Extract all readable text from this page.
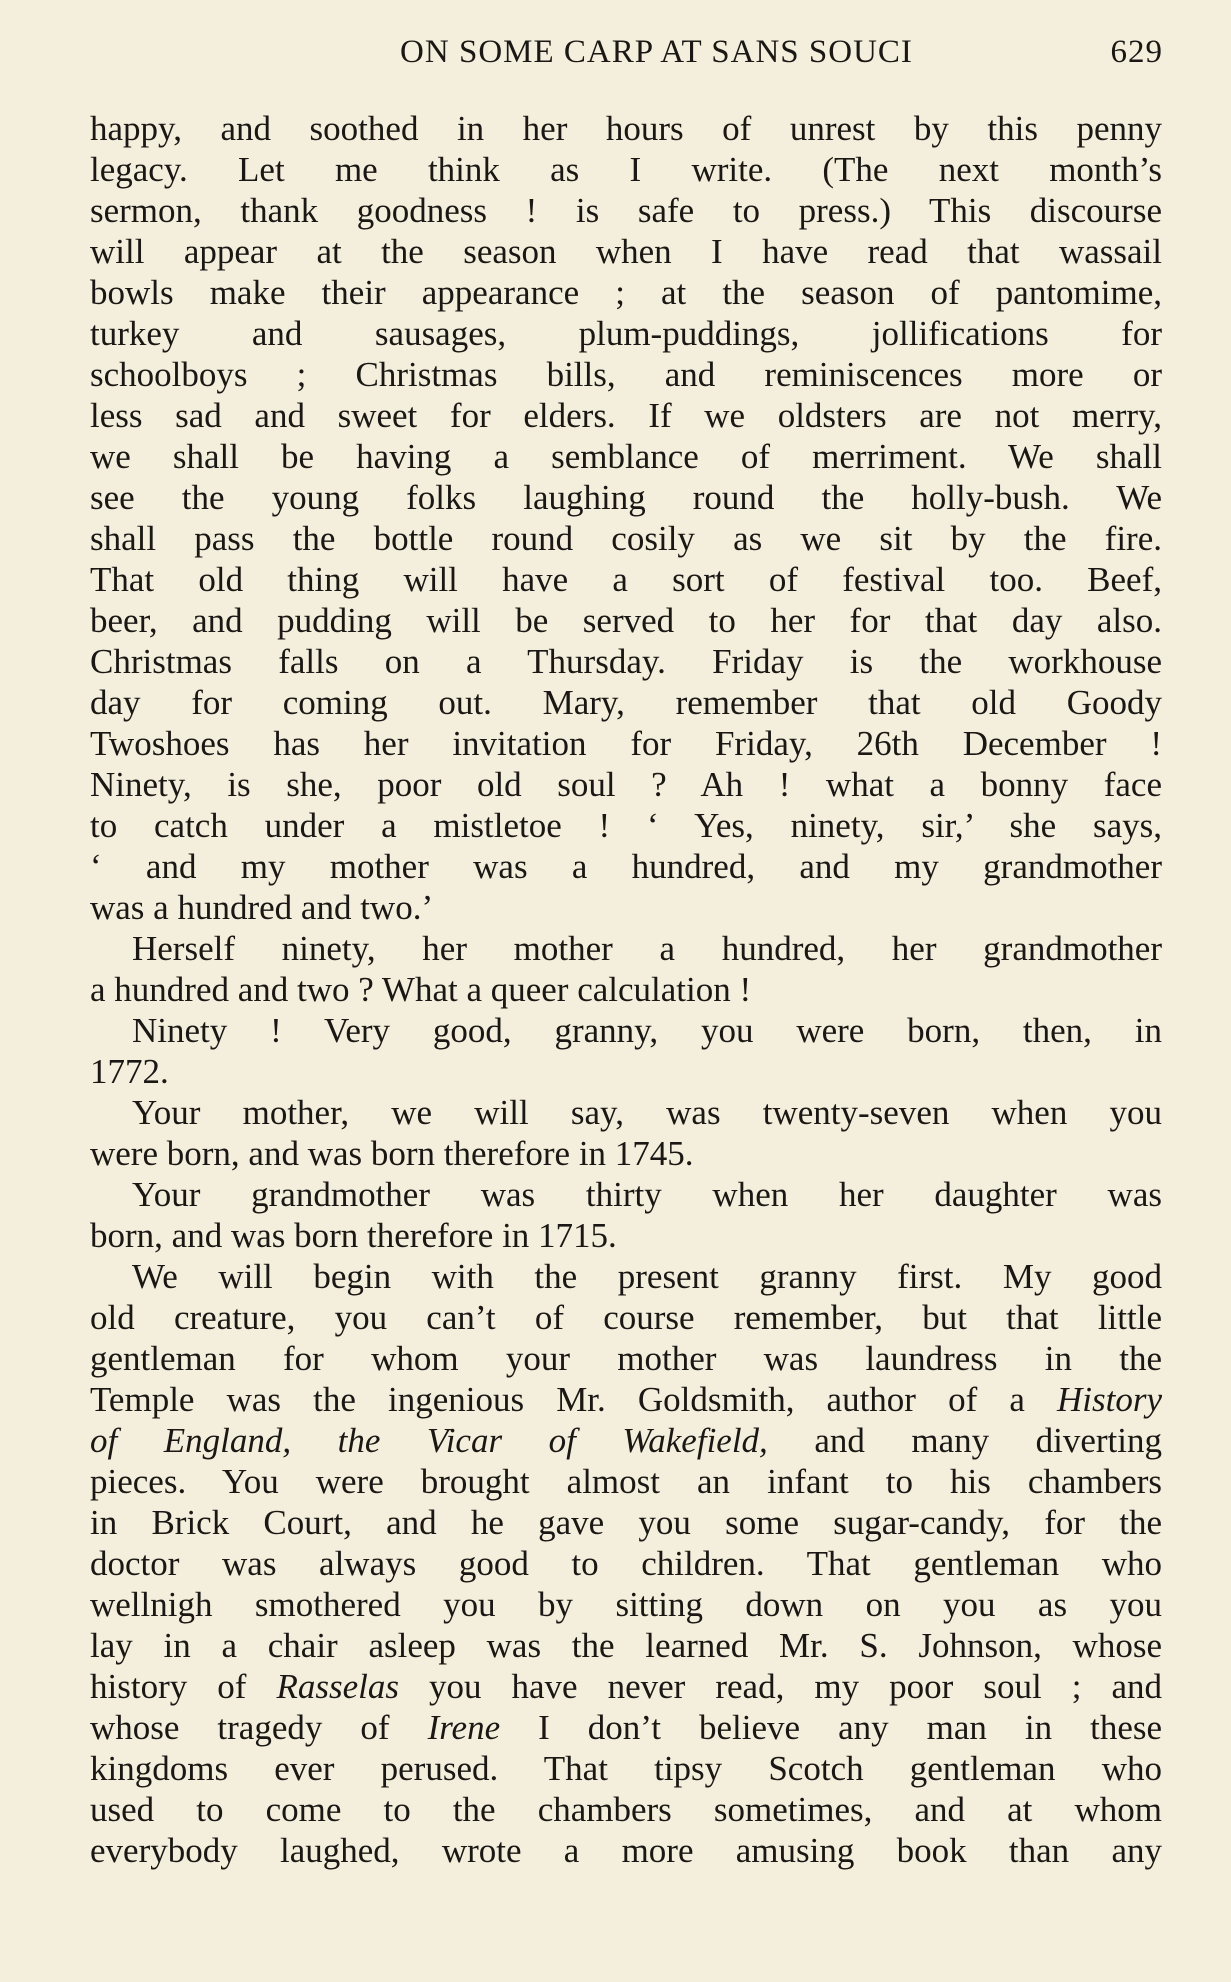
ON SOME CARP AT SANS SOUCI	629
happy, and soothed in her hours of unrest by this penny
legacy. Let me think as I write. (The next month’s
sermon, thank goodness ! is safe to press.) This discourse
will appear at the season when I have read that wassail
bowls make their appearance ; at the season of pantomime,
turkey and sausages, plum-puddings, jollifications for
schoolboys ; Christmas bills, and reminiscences more or
less sad and sweet for elders. If we oldsters are not merry,
we shall be having a semblance of merriment. We shall
see the young folks laughing round the holly-bush. We
shall pass the bottle round cosily as we sit by the fire.
That old thing will have a sort of festival too. Beef,
beer, and pudding will be served to her for that day also.
Christmas falls on a Thursday. Friday is the workhouse
day for coming out. Mary, remember that old Goody
Twoshoes has her invitation for Friday, 26th December !
Ninety, is she, poor old soul ? Ah ! what a bonny face
to catch under a mistletoe ! ‘ Yes, ninety, sir,’ she says,
‘ and my mother was a hundred, and my grandmother
was a hundred and two.’
Herself ninety, her mother a hundred, her grandmother
a hundred and two ? What a queer calculation !
Ninety ! Very good, granny, you were born, then, in
1772.
Your mother, we will say, was twenty-seven when you
were born, and was born therefore in 1745.
Your grandmother was thirty when her daughter was
born, and was born therefore in 1715.
We will begin with the present granny first. My good
old creature, you can’t of course remember, but that little
gentleman for whom your mother was laundress in the
Temple was the ingenious Mr. Goldsmith, author of a History
of England, the Vicar of Wakefield, and many diverting
pieces. You were brought almost an infant to his chambers
in Brick Court, and he gave you some sugar-candy, for the
doctor was always good to children. That gentleman who
wellnigh smothered you by sitting down on you as you
lay in a chair asleep was the learned Mr. S. Johnson, whose
history of Rasselas you have never read, my poor soul ; and
whose tragedy of Irene I don’t believe any man in these
kingdoms ever perused. That tipsy Scotch gentleman who
used to come to the chambers sometimes, and at whom
everybody laughed, wrote a more amusing book than any
